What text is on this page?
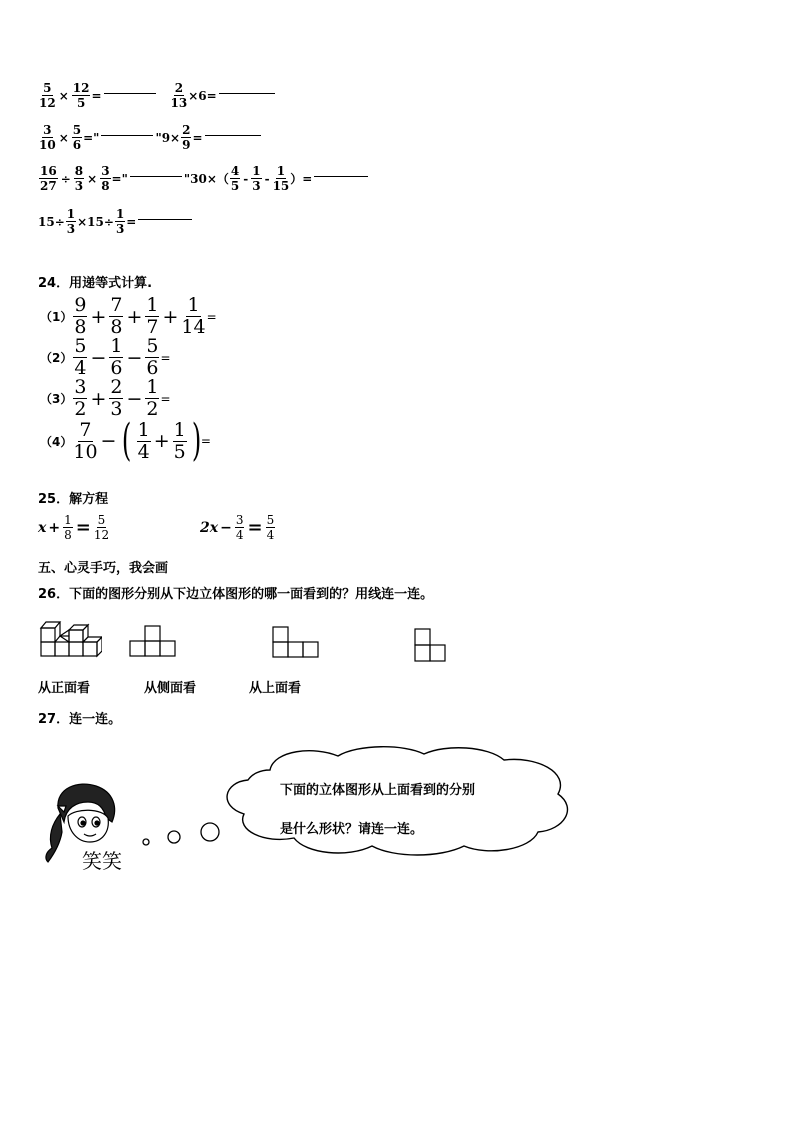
$\frac{5}{12} \times \frac{12}{5}$ =	$\frac{2}{13} \times 6=$
$\frac{3}{10} \times \frac{5}{6}$ ="	" $9\times \frac{2}{9}$ =
$\frac{16}{27} \div \frac{8}{3} \times \frac{3}{8}$ ="	" $30\times( \frac{4}{5} - \frac{1}{3} - \frac{1}{15}$ ）=
$15\div \frac{1}{3} \times 15\div \frac{1}{3}$ =
24．用递等式计算.
$(1) \frac{9}{8} + \frac{7}{8} + \frac{1}{7} + \frac{1}{14}$ =
$(2) \frac{5}{4} - \frac{1}{6} - \frac{5}{6}$ =
$(3) \frac{3}{2} + \frac{2}{3} - \frac{1}{2}$ =
$(4) \frac{7}{10}$ − ( $\frac{1}{4} + \frac{1}{5}$ ) =
25．解方程
$x + \frac{1}{8} = \frac{5}{12}$	$2x - \frac{3}{4} = \frac{5}{4}$
五、心灵手巧，我会画
26．下面的图形分别从下边立体图形的哪一面看到的？用线连一连。
从正面看	从侧面看	从上面看
27．连一连。
笑笑
下面的立体图形从上面看到的分别
是什么形状？请连一连。
